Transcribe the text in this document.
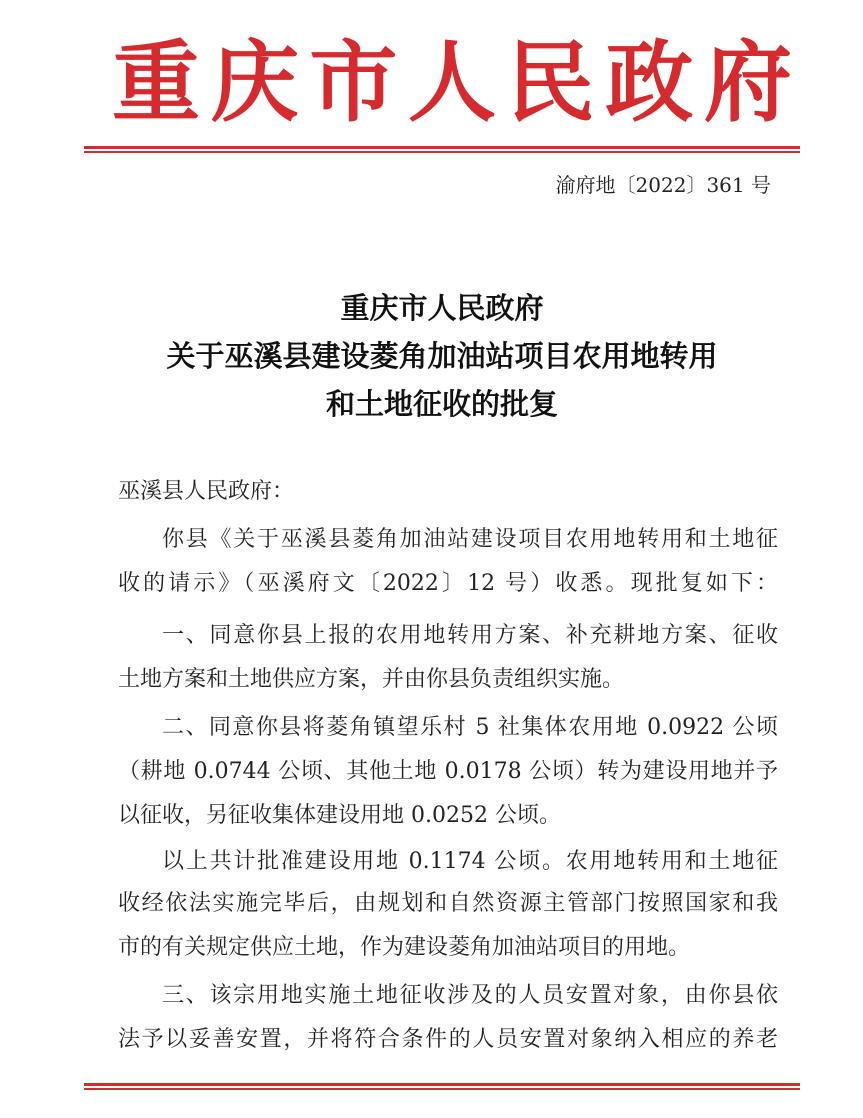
重 庆 市 人 民 政 府
渝府地〔2022〕361 号
重庆市人民政府
关于巫溪县建设菱角加油站项目农用地转用
和土地征收的批复
巫溪县人民政府：
你县《关于巫溪县菱角加油站建设项目农用地转用和土地征
收的请示》（巫溪府文〔2022〕12 号）收悉。现批复如下：
一、同意你县上报的农用地转用方案、补充耕地方案、征收
土地方案和土地供应方案，并由你县负责组织实施。
二、同意你县将菱角镇望乐村 5 社集体农用地 0.0922 公顷
（耕地 0.0744 公顷、其他土地 0.0178 公顷）转为建设用地并予
以征收，另征收集体建设用地 0.0252 公顷。
以上共计批准建设用地 0.1174 公顷。农用地转用和土地征
收经依法实施完毕后，由规划和自然资源主管部门按照国家和我
市的有关规定供应土地，作为建设菱角加油站项目的用地。
三、该宗用地实施土地征收涉及的人员安置对象，由你县依
法予以妥善安置，并将符合条件的人员安置对象纳入相应的养老
